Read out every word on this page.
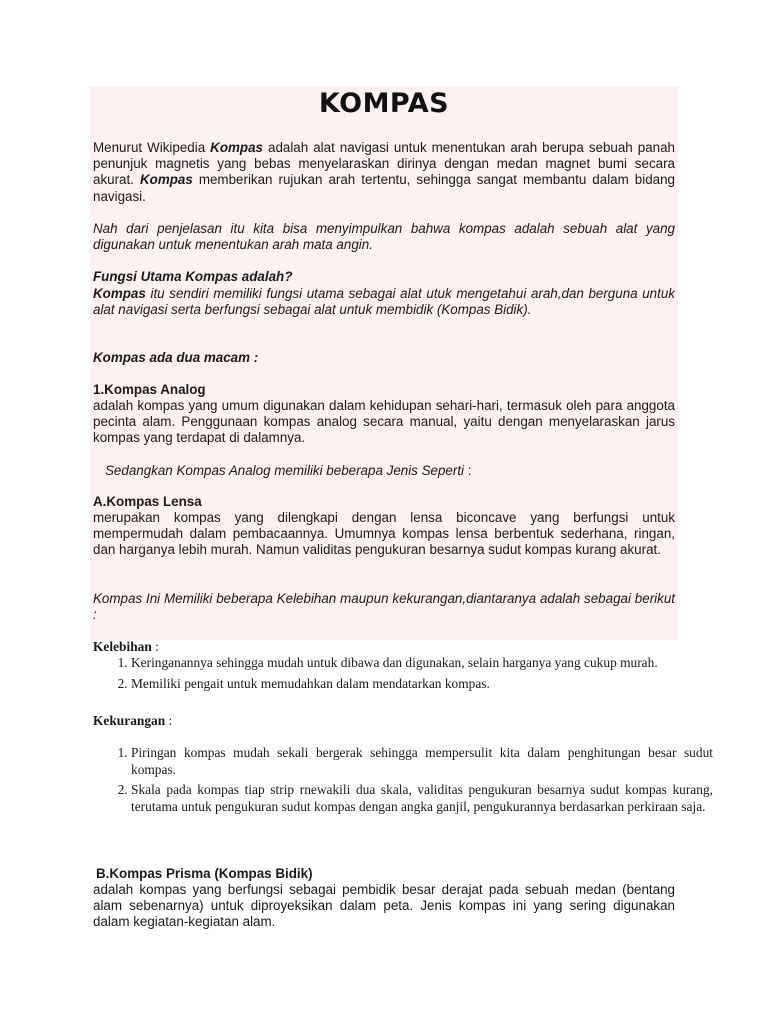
KOMPAS

Menurut Wikipedia Kompas adalah alat navigasi untuk menentukan arah berupa sebuah panah penunjuk magnetis yang bebas menyelaraskan dirinya dengan medan magnet bumi secara akurat. Kompas memberikan rujukan arah tertentu, sehingga sangat membantu dalam bidang navigasi.

Nah dari penjelasan itu kita bisa menyimpulkan bahwa kompas adalah sebuah alat yang digunakan untuk menentukan arah mata angin.

Fungsi Utama Kompas adalah?

Kompas itu sendiri memiliki fungsi utama sebagai alat utuk mengetahui arah,dan berguna untuk alat navigasi serta berfungsi sebagai alat untuk membidik (Kompas Bidik).

Kompas ada dua macam :

1.Kompas Analog

adalah kompas yang umum digunakan dalam kehidupan sehari-hari, termasuk oleh para anggota pecinta alam. Penggunaan kompas analog secara manual, yaitu dengan menyelaraskan jarus kompas yang terdapat di dalamnya.

Sedangkan Kompas Analog memiliki beberapa Jenis Seperti :

A.Kompas Lensa

merupakan kompas yang dilengkapi dengan lensa biconcave yang berfungsi untuk mempermudah dalam pembacaannya. Umumnya kompas lensa berbentuk sederhana, ringan, dan harganya lebih murah. Namun validitas pengukuran besarnya sudut kompas kurang akurat.

Kompas Ini Memiliki beberapa Kelebihan maupun kekurangan,diantaranya adalah sebagai berikut :

Kelebihan :
1. Keringanannya sehingga mudah untuk dibawa dan digunakan, selain harganya yang cukup murah.
2. Memiliki pengait untuk memudahkan dalam mendatarkan kompas.
Kekurangan :
1. Piringan kompas mudah sekali bergerak sehingga mempersulit kita dalam penghitungan besar sudut kompas.
2. Skala pada kompas tiap strip rnewakili dua skala, validitas pengukuran besarnya sudut kompas kurang, terutama untuk pengukuran sudut kompas dengan angka ganjil, pengukurannya berdasarkan perkiraan saja.

B.Kompas Prisma (Kompas Bidik)

adalah kompas yang berfungsi sebagai pembidik besar derajat pada sebuah medan (bentang alam sebenarnya) untuk diproyeksikan dalam peta. Jenis kompas ini yang sering digunakan dalam kegiatan-kegiatan alam.
